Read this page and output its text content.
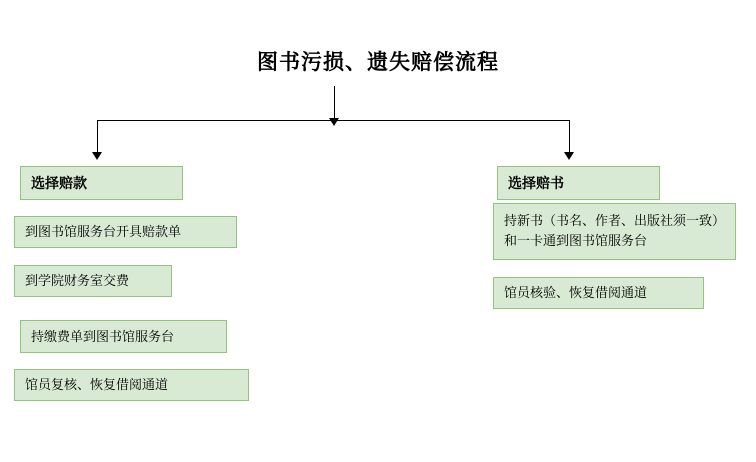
图书污损、遗失赔偿流程
选择赔款
到图书馆服务台开具赔款单
到学院财务室交费
持缴费单到图书馆服务台
馆员复核、恢复借阅通道
选择赔书
持新书（书名、作者、出版社须一致）和一卡通到图书馆服务台
馆员核验、恢复借阅通道
